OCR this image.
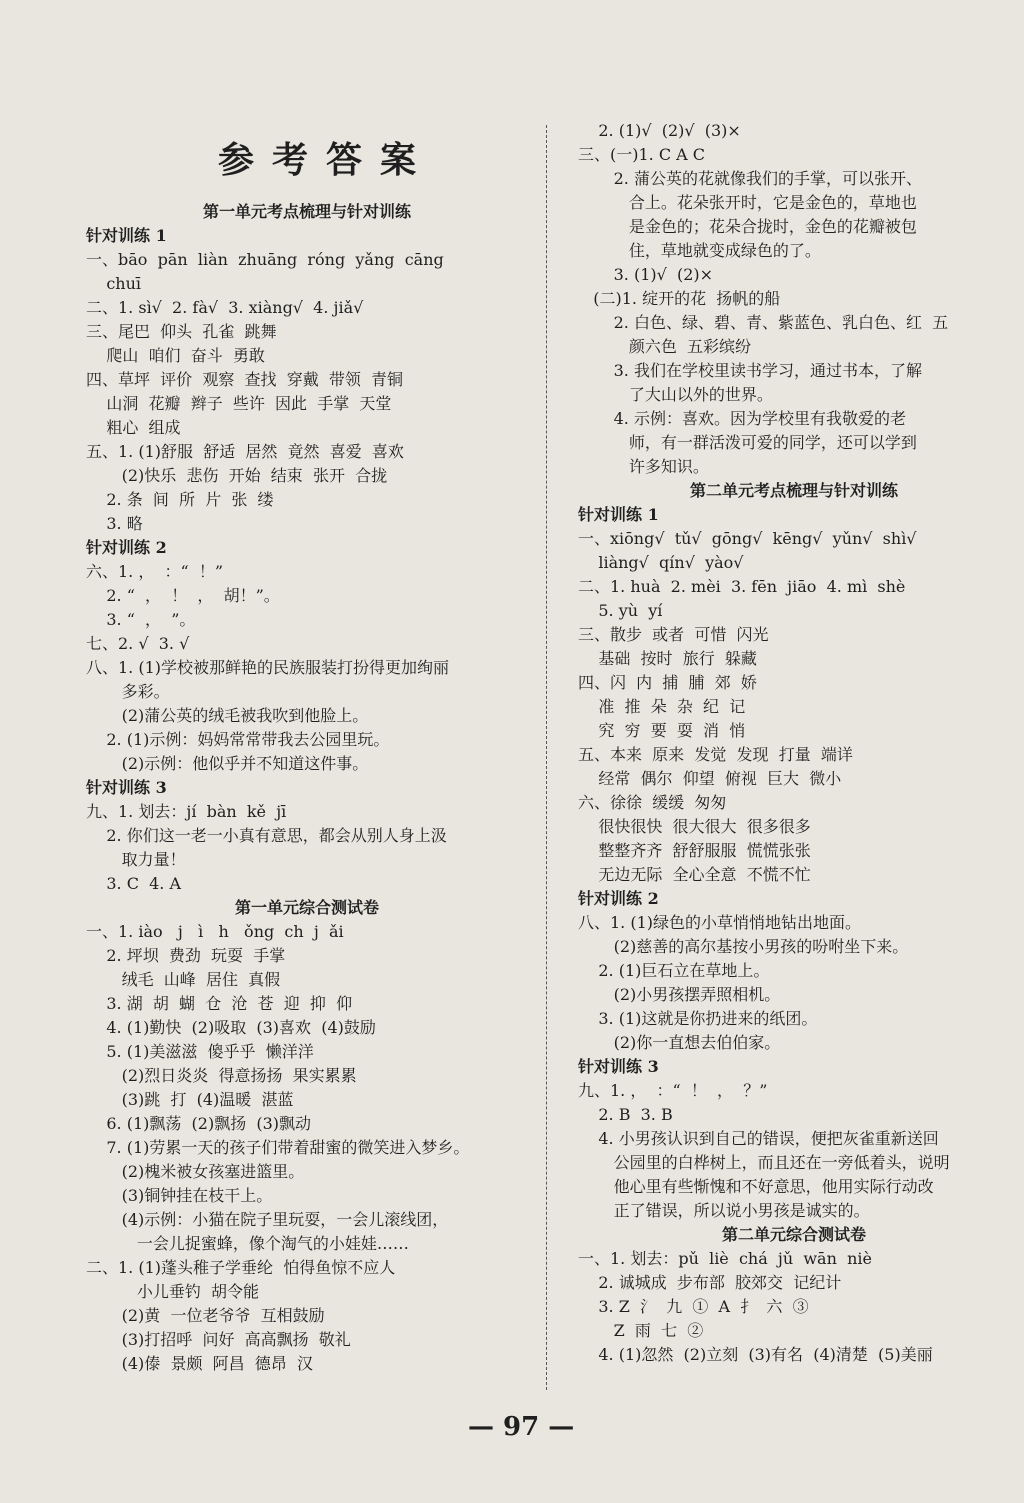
参考答案
第一单元考点梳理与针对训练
针对训练 1
一、bāo  pān  liàn  zhuāng  róng  yǎng  cāng
chuī
二、1. sì√  2. fà√  3. xiàng√  4. jiǎ√
三、尾巴  仰头  孔雀  跳舞
爬山  咱们  奋斗  勇敢
四、草坪  评价  观察  查找  穿戴  带领  青铜
山洞  花瓣  辫子  些许  因此  手掌  天堂
粗心  组成
五、1. (1)舒服  舒适  居然  竟然  喜爱  喜欢
(2)快乐  悲伤  开始  结束  张开  合拢
2. 条  间  所  片  张  缕
3. 略
针对训练 2
六、1. ，  ：“  ！”
2. “  ，  ！  ，  胡！”。
3. “  ，  ”。
七、2. √  3. √
八、1. (1)学校被那鲜艳的民族服装打扮得更加绚丽
多彩。
(2)蒲公英的绒毛被我吹到他脸上。
2. (1)示例：妈妈常常带我去公园里玩。
(2)示例：他似乎并不知道这件事。
针对训练 3
九、1. 划去：jí  bàn  kě  jī
2. 你们这一老一小真有意思，都会从别人身上汲
取力量！
3. C  4. A
第一单元综合测试卷
一、1. iào   j   ì   h   ǒng  ch  j  ǎi
2. 坪坝  费劲  玩耍  手掌
绒毛  山峰  居住  真假
3. 湖  胡  蝴  仓  沧  苍  迎  抑  仰
4. (1)勤快  (2)吸取  (3)喜欢  (4)鼓励
5. (1)美滋滋  傻乎乎  懒洋洋
(2)烈日炎炎  得意扬扬  果实累累
(3)跳  打  (4)温暖  湛蓝
6. (1)飘荡  (2)飘扬  (3)飘动
7. (1)劳累一天的孩子们带着甜蜜的微笑进入梦乡。
(2)槐米被女孩塞进篮里。
(3)铜钟挂在枝干上。
(4)示例：小猫在院子里玩耍，一会儿滚线团，
一会儿捉蜜蜂，像个淘气的小娃娃……
二、1. (1)蓬头稚子学垂纶  怕得鱼惊不应人
小儿垂钓  胡令能
(2)黄  一位老爷爷  互相鼓励
(3)打招呼  问好  高高飘扬  敬礼
(4)傣  景颇  阿昌  德昂  汉
2. (1)√  (2)√  (3)×
三、(一)1. C A C
2. 蒲公英的花就像我们的手掌，可以张开、
合上。花朵张开时，它是金色的，草地也
是金色的；花朵合拢时，金色的花瓣被包
住，草地就变成绿色的了。
3. (1)√  (2)×
(二)1. 绽开的花  扬帆的船
2. 白色、绿、碧、青、紫蓝色、乳白色、红  五
颜六色  五彩缤纷
3. 我们在学校里读书学习，通过书本，了解
了大山以外的世界。
4. 示例：喜欢。因为学校里有我敬爱的老
师，有一群活泼可爱的同学，还可以学到
许多知识。
第二单元考点梳理与针对训练
针对训练 1
一、xiōng√  tǔ√  gōng√  kēng√  yǔn√  shì√
liàng√  qín√  yào√
二、1. huà  2. mèi  3. fēn  jiāo  4. mì  shè
5. yù  yí
三、散步  或者  可惜  闪光
基础  按时  旅行  躲藏
四、闪  内  捕  脯  郊  娇
准  推  朵  杂  纪  记
究  穷  要  耍  消  悄
五、本来  原来  发觉  发现  打量  端详
经常  偶尔  仰望  俯视  巨大  微小
六、徐徐  缓缓  匆匆
很快很快  很大很大  很多很多
整整齐齐  舒舒服服  慌慌张张
无边无际  全心全意  不慌不忙
针对训练 2
八、1. (1)绿色的小草悄悄地钻出地面。
(2)慈善的高尔基按小男孩的吩咐坐下来。
2. (1)巨石立在草地上。
(2)小男孩摆弄照相机。
3. (1)这就是你扔进来的纸团。
(2)你一直想去伯伯家。
针对训练 3
九、1. ，  ：“  ！  ，  ？”
2. B  3. B
4. 小男孩认识到自己的错误，便把灰雀重新送回
公园里的白桦树上，而且还在一旁低着头，说明
他心里有些惭愧和不好意思，他用实际行动改
正了错误，所以说小男孩是诚实的。
第二单元综合测试卷
一、1. 划去：pǔ  liè  chá  jǔ  wān  niè
2. 诚城成  步布部  胶郊交  记纪计
3. Z  氵  九  ①  A  扌  六  ③
Z  雨  七  ②
4. (1)忽然  (2)立刻  (3)有名  (4)清楚  (5)美丽
— 97 —
